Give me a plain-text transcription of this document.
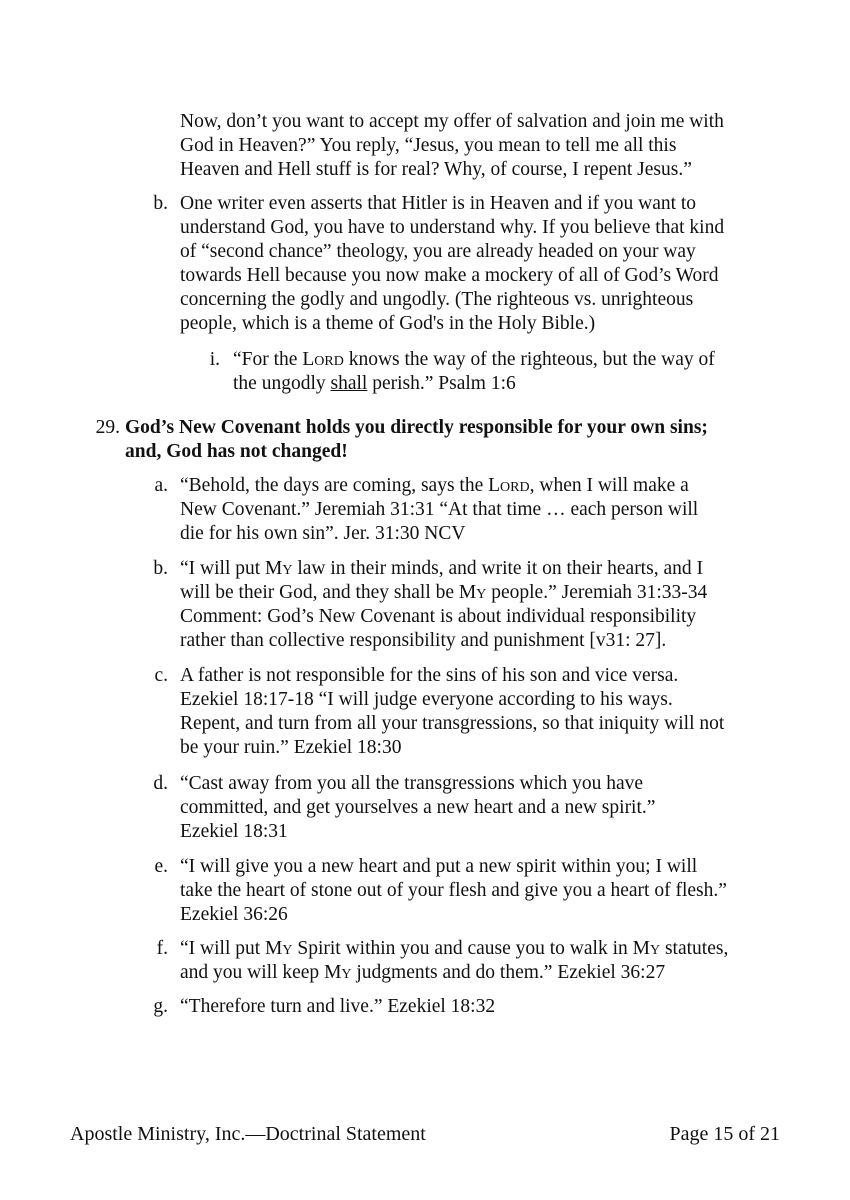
Now, don’t you want to accept my offer of salvation and join me with
God in Heaven?” You reply, “Jesus, you mean to tell me all this
Heaven and Hell stuff is for real? Why, of course, I repent Jesus.”
b. One writer even asserts that Hitler is in Heaven and if you want to
understand God, you have to understand why. If you believe that kind
of “second chance” theology, you are already headed on your way
towards Hell because you now make a mockery of all of God’s Word
concerning the godly and ungodly. (The righteous vs. unrighteous
people, which is a theme of God's in the Holy Bible.)
i. “For the Lord knows the way of the righteous, but the way of
the ungodly shall perish.” Psalm 1:6
29. God’s New Covenant holds you directly responsible for your own sins;
and, God has not changed!
a. “Behold, the days are coming, says the Lord, when I will make a
New Covenant.” Jeremiah 31:31 “At that time … each person will
die for his own sin”. Jer. 31:30 NCV
b. “I will put My law in their minds, and write it on their hearts, and I
will be their God, and they shall be My people.” Jeremiah 31:33-34
Comment: God’s New Covenant is about individual responsibility
rather than collective responsibility and punishment [v31: 27].
c. A father is not responsible for the sins of his son and vice versa.
Ezekiel 18:17-18 “I will judge everyone according to his ways.
Repent, and turn from all your transgressions, so that iniquity will not
be your ruin.” Ezekiel 18:30
d. “Cast away from you all the transgressions which you have
committed, and get yourselves a new heart and a new spirit.”
Ezekiel 18:31
e. “I will give you a new heart and put a new spirit within you; I will
take the heart of stone out of your flesh and give you a heart of flesh.”
Ezekiel 36:26
f. “I will put My Spirit within you and cause you to walk in My statutes,
and you will keep My judgments and do them.” Ezekiel 36:27
g. “Therefore turn and live.” Ezekiel 18:32
Apostle Ministry, Inc.—Doctrinal Statement	Page 15 of 21
